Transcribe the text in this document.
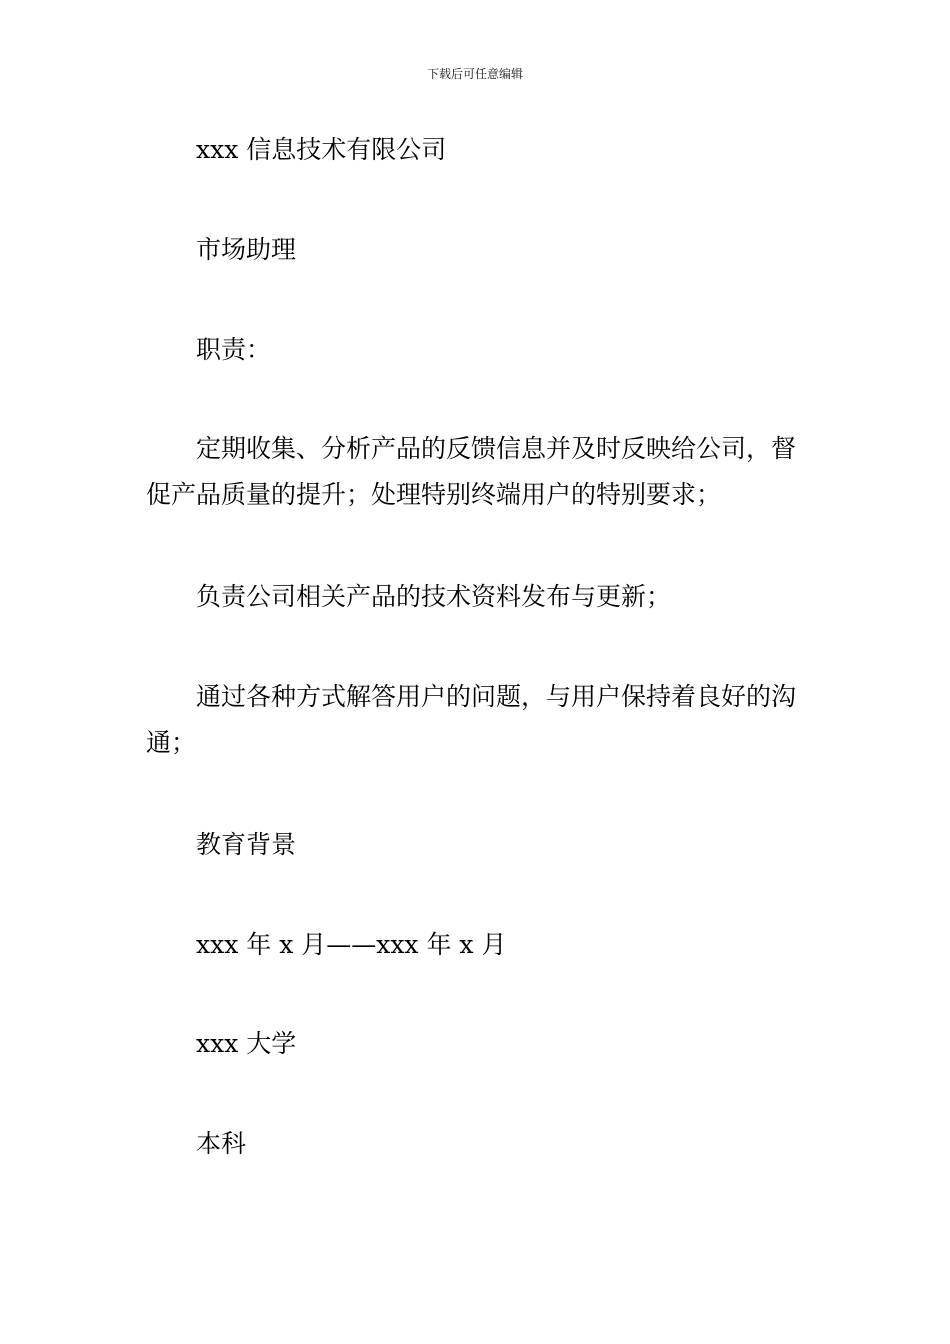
下载后可任意编辑

xxx 信息技术有限公司

市场助理

职责：

定期收集、分析产品的反馈信息并及时反映给公司，督促产品质量的提升；处理特别终端用户的特别要求；

负责公司相关产品的技术资料发布与更新；

通过各种方式解答用户的问题，与用户保持着良好的沟通；

教育背景

xxx 年 x 月——xxx 年 x 月

xxx 大学

本科
